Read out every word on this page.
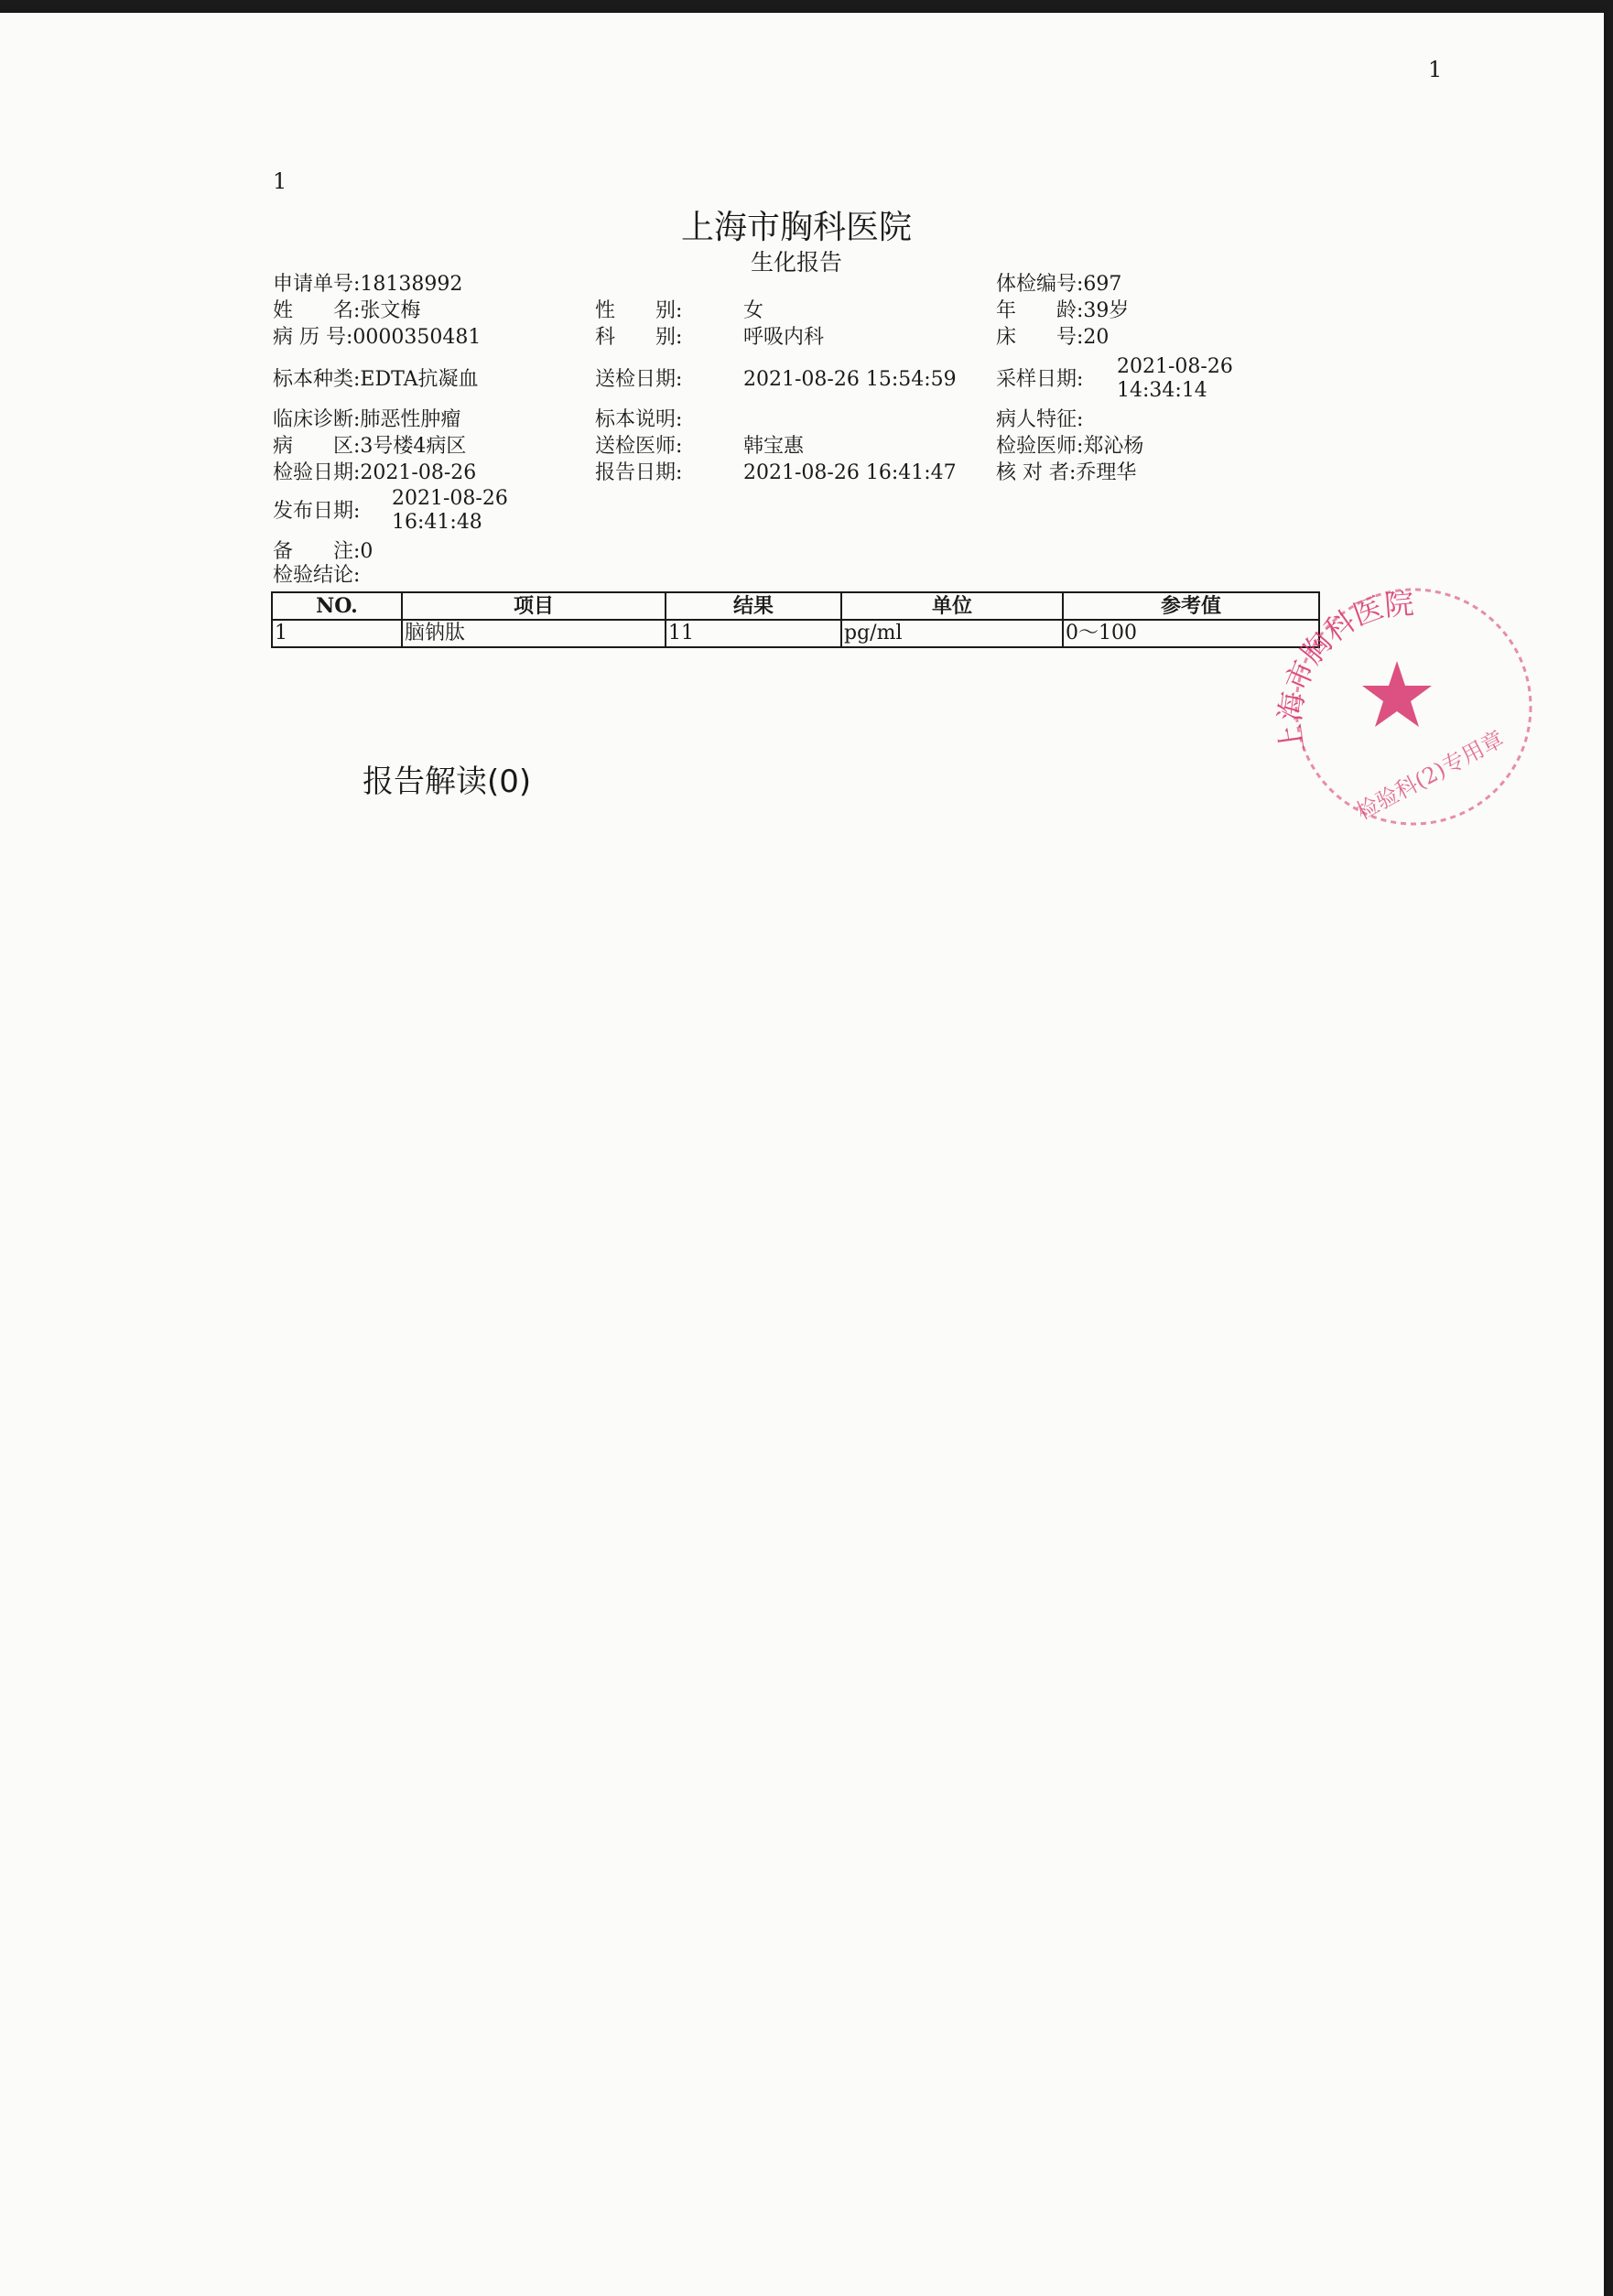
1
1
上海市胸科医院
生化报告
申请单号:18138992	体检编号:697
姓　　名:张文梅	性　　别:	女	年　　龄:39岁
病 历 号:0000350481	科　　别:	呼吸内科	床　　号:20
标本种类:EDTA抗凝血	送检日期:	2021-08-26 15:54:59 采样日期:
2021-08-26
14:34:14
临床诊断:肺恶性肿瘤	标本说明:	病人特征:
病　　区:3号楼4病区	送检医师:	韩宝惠	检验医师:郑沁杨
检验日期:2021-08-26	报告日期:	2021-08-26 16:41:47 核 对 者:乔理华
发布日期:
2021-08-26
16:41:48
备　　注:0
检验结论:
NO.	项目	结果	单位	参考值
1	脑钠肽	11	pg/ml	0～100
上海市胸科医院
检验科(2)专用章
报告解读(0)
